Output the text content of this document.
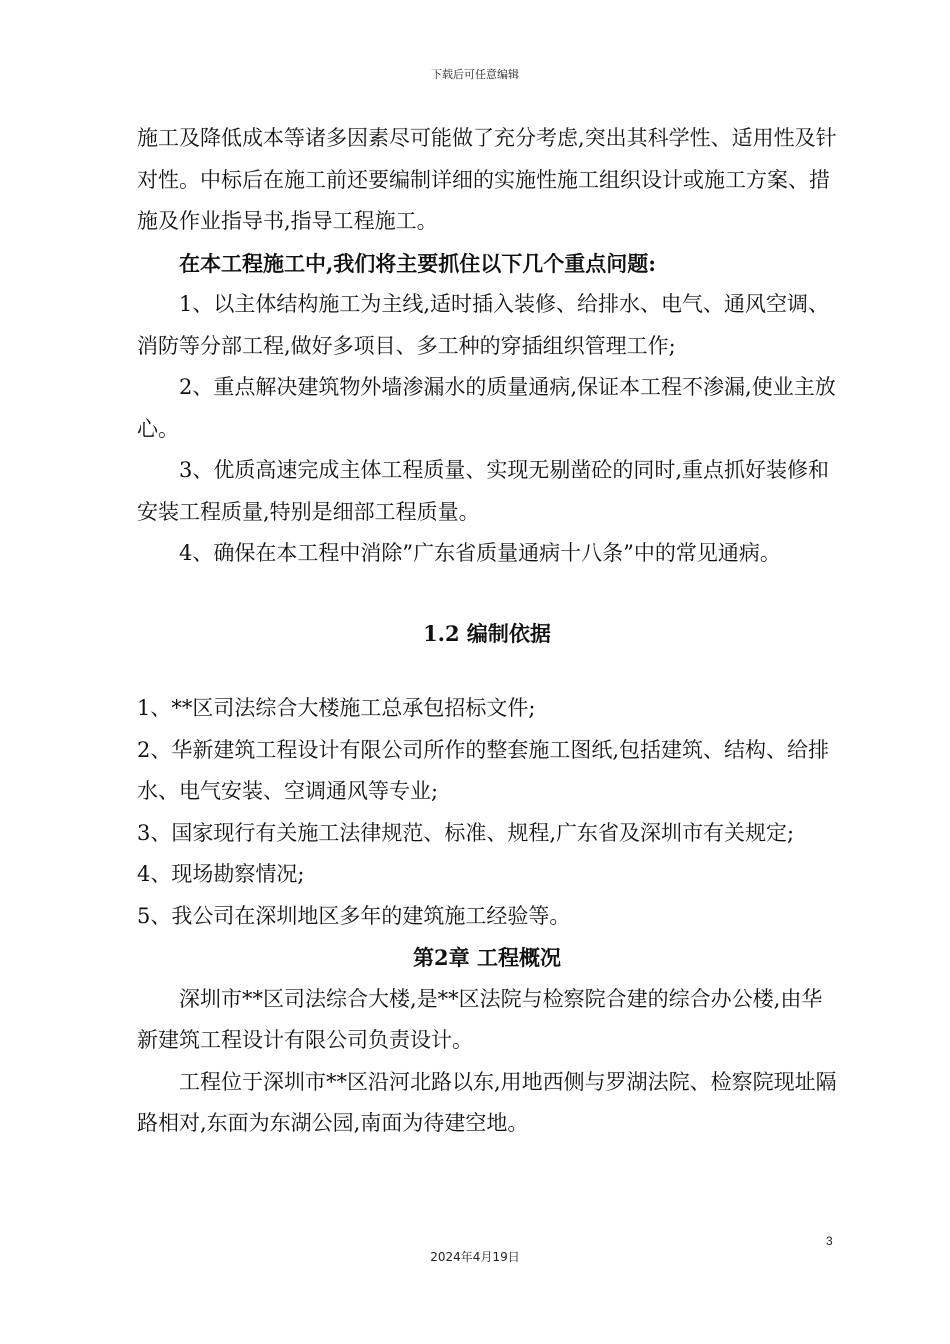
下载后可任意编辑

施工及降低成本等诸多因素尽可能做了充分考虑,突出其科学性、适用性及针对性。中标后在施工前还要编制详细的实施性施工组织设计或施工方案、措施及作业指导书,指导工程施工。

在本工程施工中,我们将主要抓住以下几个重点问题:

1、以主体结构施工为主线,适时插入装修、给排水、电气、通风空调、消防等分部工程,做好多项目、多工种的穿插组织管理工作;

2、重点解决建筑物外墙渗漏水的质量通病,保证本工程不渗漏,使业主放心。

3、优质高速完成主体工程质量、实现无剔凿砼的同时,重点抓好装修和安装工程质量,特别是细部工程质量。

4、确保在本工程中消除”广东省质量通病十八条”中的常见通病。

1.2 编制依据

1、**区司法综合大楼施工总承包招标文件;

2、华新建筑工程设计有限公司所作的整套施工图纸,包括建筑、结构、给排水、电气安装、空调通风等专业;

3、国家现行有关施工法律规范、标准、规程,广东省及深圳市有关规定;

4、现场勘察情况;

5、我公司在深圳地区多年的建筑施工经验等。

第2章 工程概况

深圳市**区司法综合大楼,是**区法院与检察院合建的综合办公楼,由华新建筑工程设计有限公司负责设计。

工程位于深圳市**区沿河北路以东,用地西侧与罗湖法院、检察院现址隔路相对,东面为东湖公园,南面为待建空地。

3
2024年4月19日
